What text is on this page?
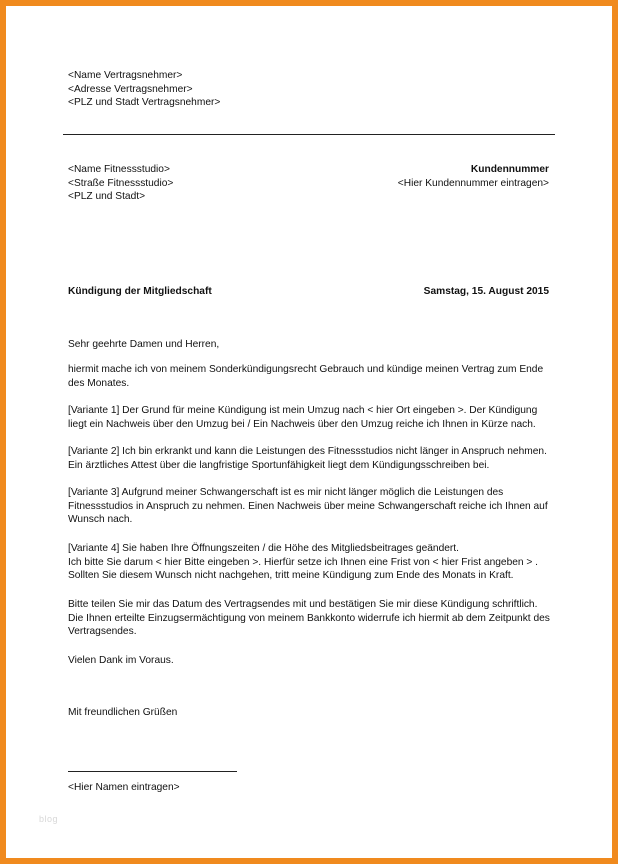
<Name Vertragsnehmer>
<Adresse Vertragsnehmer>
<PLZ und Stadt Vertragsnehmer>
<Name Fitnessstudio>
<Straße Fitnessstudio>
<PLZ und Stadt>
Kundennummer
<Hier Kundennummer eintragen>
Kündigung der Mitgliedschaft	Samstag, 15. August 2015
Sehr geehrte Damen und Herren,
hiermit mache ich von meinem Sonderkündigungsrecht Gebrauch und kündige meinen Vertrag zum Ende
des Monates.
[Variante 1] Der Grund für meine Kündigung ist mein Umzug nach < hier Ort eingeben >. Der Kündigung
liegt ein Nachweis über den Umzug bei / Ein Nachweis über den Umzug reiche ich Ihnen in Kürze nach.
[Variante 2] Ich bin erkrankt und kann die Leistungen des Fitnessstudios nicht länger in Anspruch nehmen.
Ein ärztliches Attest über die langfristige Sportunfähigkeit liegt dem Kündigungsschreiben bei.
[Variante 3] Aufgrund meiner Schwangerschaft ist es mir nicht länger möglich die Leistungen des
Fitnessstudios in Anspruch zu nehmen. Einen Nachweis über meine Schwangerschaft reiche ich Ihnen auf
Wunsch nach.
[Variante 4] Sie haben Ihre Öffnungszeiten / die Höhe des Mitgliedsbeitrages geändert.
Ich bitte Sie darum < hier Bitte eingeben >. Hierfür setze ich Ihnen eine Frist von < hier Frist angeben > .
Sollten Sie diesem Wunsch nicht nachgehen, tritt meine Kündigung zum Ende des Monats in Kraft.
Bitte teilen Sie mir das Datum des Vertragsendes mit und bestätigen Sie mir diese Kündigung schriftlich.
Die Ihnen erteilte Einzugsermächtigung von meinem Bankkonto widerrufe ich hiermit ab dem Zeitpunkt des
Vertragsendes.
Vielen Dank im Voraus.
Mit freundlichen Grüßen
<Hier Namen eintragen>
blog
